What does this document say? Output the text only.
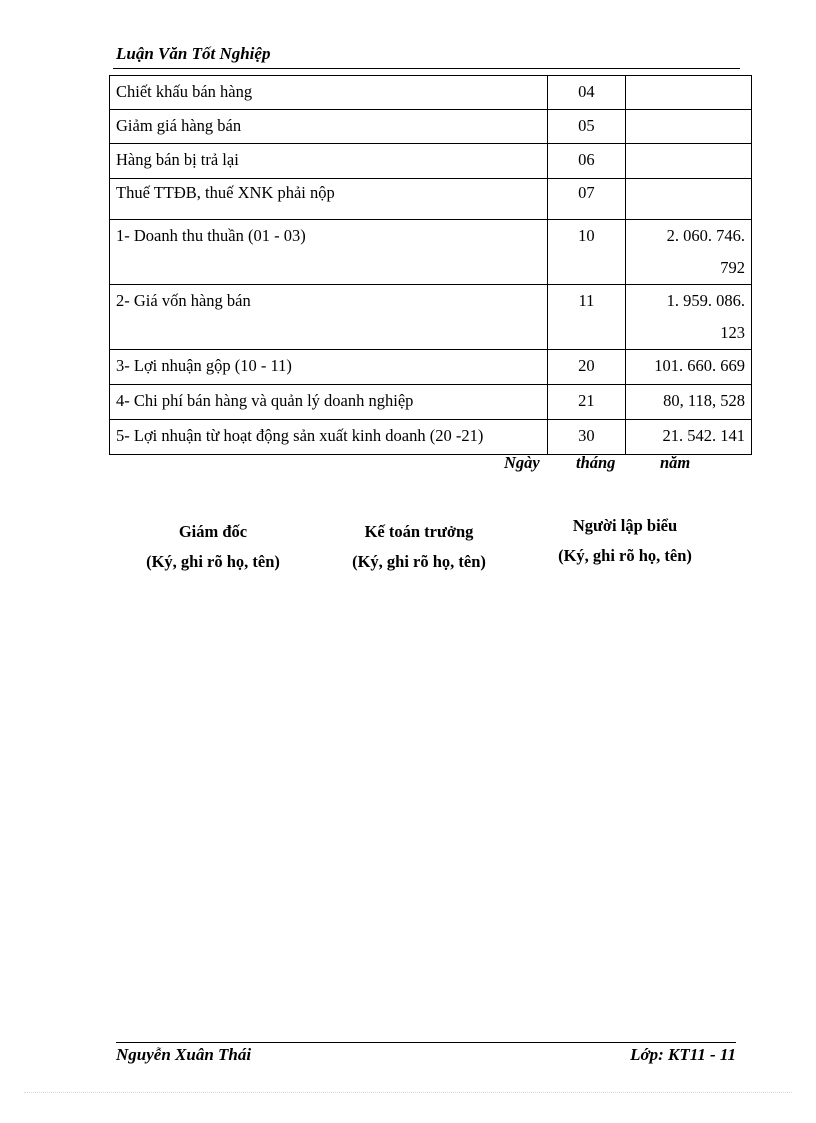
Luận Văn Tốt Nghiệp
Chiết khấu bán hàng	04	
Giảm giá hàng bán	05	
Hàng bán bị trả lại	06	
Thuế TTĐB, thuế XNK phải nộp	07	
1- Doanh thu thuần (01 - 03)	10	2. 060. 746.
792

2- Giá vốn hàng bán	11	1. 959. 086.
123

3- Lợi nhuận gộp (10 - 11)	20	101. 660. 669
4- Chi phí bán hàng và quản lý doanh nghiệp	21	80, 118, 528
5- Lợi nhuận từ hoạt động sản xuất kinh doanh (20 -21)	30	21. 542. 141
Ngày tháng	năm
Giám đốc
(Ký, ghi rõ họ, tên)
Kế toán trưởng
(Ký, ghi rõ họ, tên)
Người lập biểu
(Ký, ghi rõ họ, tên)
Nguyễn Xuân Thái	Lớp: KT11 - 11
